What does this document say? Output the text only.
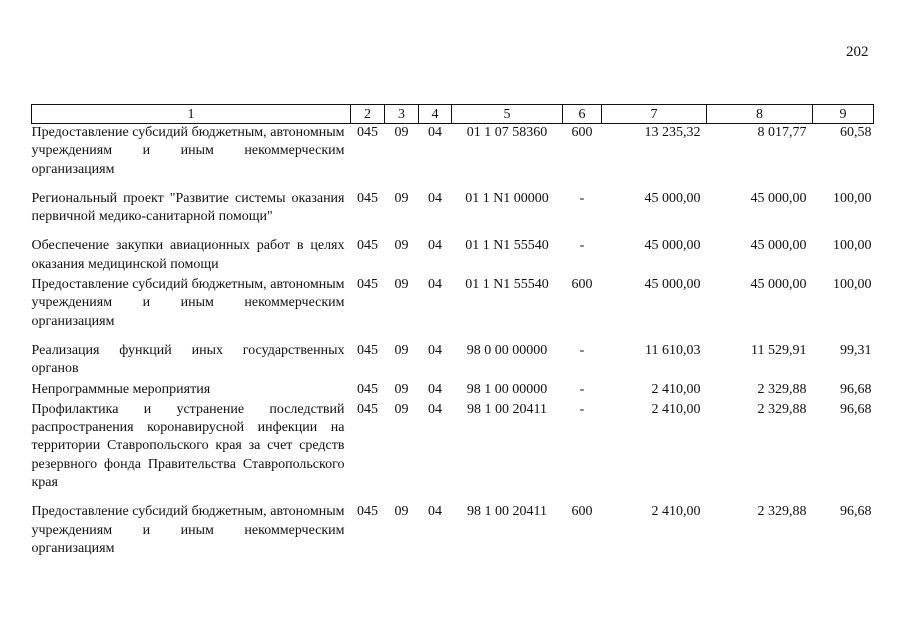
202
1	2	3	4	5	6	7	8	9
Предоставление субсидий бюджетным, автономным учреждениям и иным некоммерческим организациям	045	09	04	01 1 07 58360	600	13 235,32	8 017,77	60,58
Региональный проект "Развитие системы оказания первичной медико-санитарной помощи"	045	09	04	01 1 N1 00000	-	45 000,00	45 000,00	100,00
Обеспечение закупки авиационных работ в целях оказания медицинской помощи	045	09	04	01 1 N1 55540	-	45 000,00	45 000,00	100,00
Предоставление субсидий бюджетным, автономным учреждениям и иным некоммерческим организациям	045	09	04	01 1 N1 55540	600	45 000,00	45 000,00	100,00
Реализация функций иных государственных органов	045	09	04	98 0 00 00000	-	11 610,03	11 529,91	99,31
Непрограммные мероприятия	045	09	04	98 1 00 00000	-	2 410,00	2 329,88	96,68
Профилактика и устранение последствий распространения коронавирусной инфекции на территории Ставропольского края за счет средств резервного фонда Правительства Ставропольского края	045	09	04	98 1 00 20411	-	2 410,00	2 329,88	96,68
Предоставление субсидий бюджетным, автономным учреждениям и иным некоммерческим организациям	045	09	04	98 1 00 20411	600	2 410,00	2 329,88	96,68
